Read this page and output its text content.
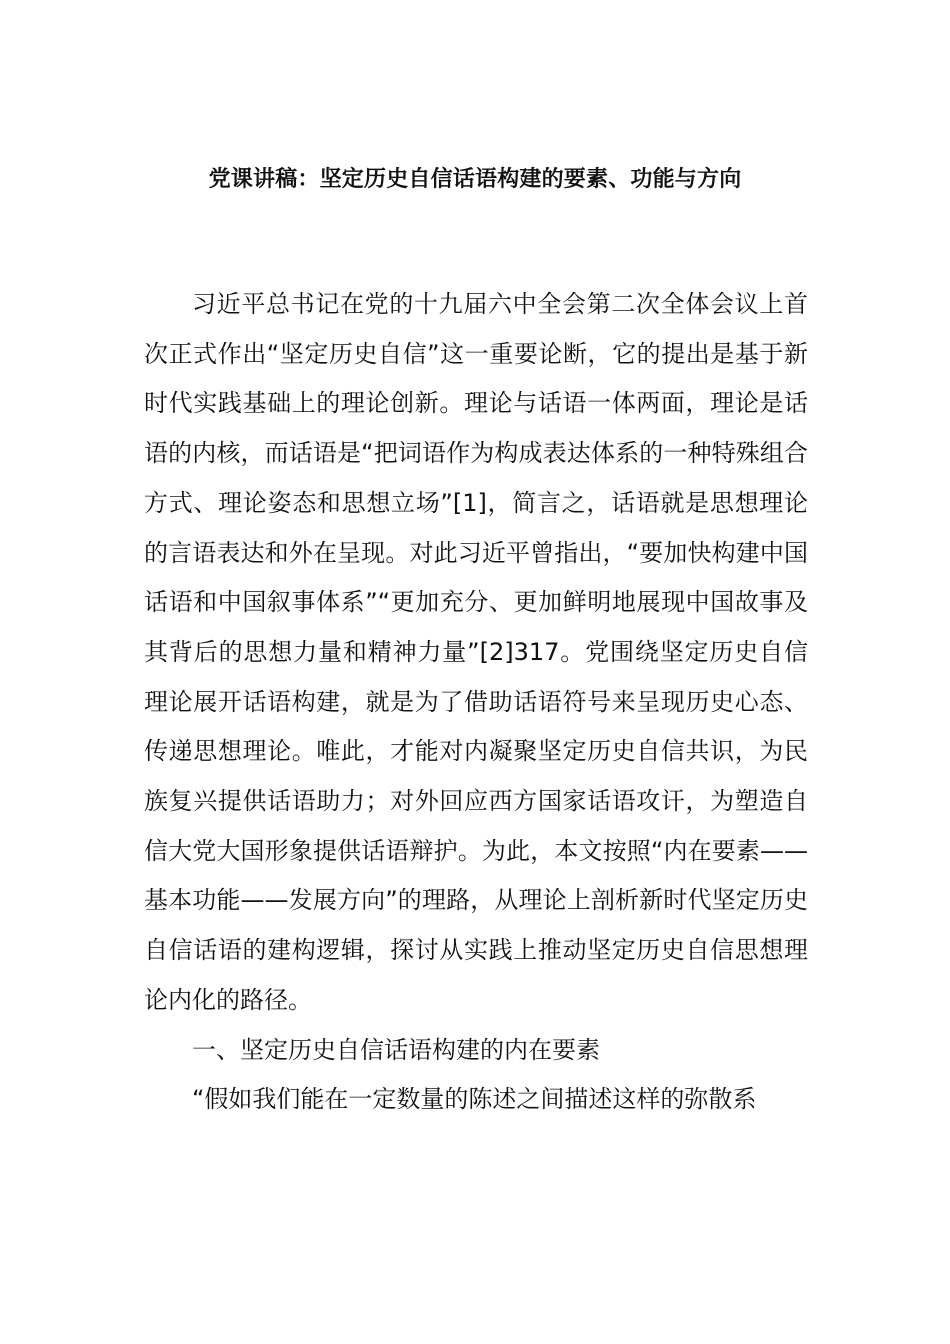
党课讲稿：坚定历史自信话语构建的要素、功能与方向

习近平总书记在党的十九届六中全会第二次全体会议上首次正式作出“坚定历史自信”这一重要论断，它的提出是基于新时代实践基础上的理论创新。理论与话语一体两面，理论是话语的内核，而话语是“把词语作为构成表达体系的一种特殊组合方式、理论姿态和思想立场”[1]，简言之，话语就是思想理论的言语表达和外在呈现。对此习近平曾指出，“要加快构建中国话语和中国叙事体系”“更加充分、更加鲜明地展现中国故事及其背后的思想力量和精神力量”[2]317。党围绕坚定历史自信理论展开话语构建，就是为了借助话语符号来呈现历史心态、传递思想理论。唯此，才能对内凝聚坚定历史自信共识，为民族复兴提供话语助力；对外回应西方国家话语攻讦，为塑造自信大党大国形象提供话语辩护。为此，本文按照“内在要素——基本功能——发展方向”的理路，从理论上剖析新时代坚定历史自信话语的建构逻辑，探讨从实践上推动坚定历史自信思想理论内化的路径。

一、坚定历史自信话语构建的内在要素

“假如我们能在一定数量的陈述之间描述这样的弥散系
